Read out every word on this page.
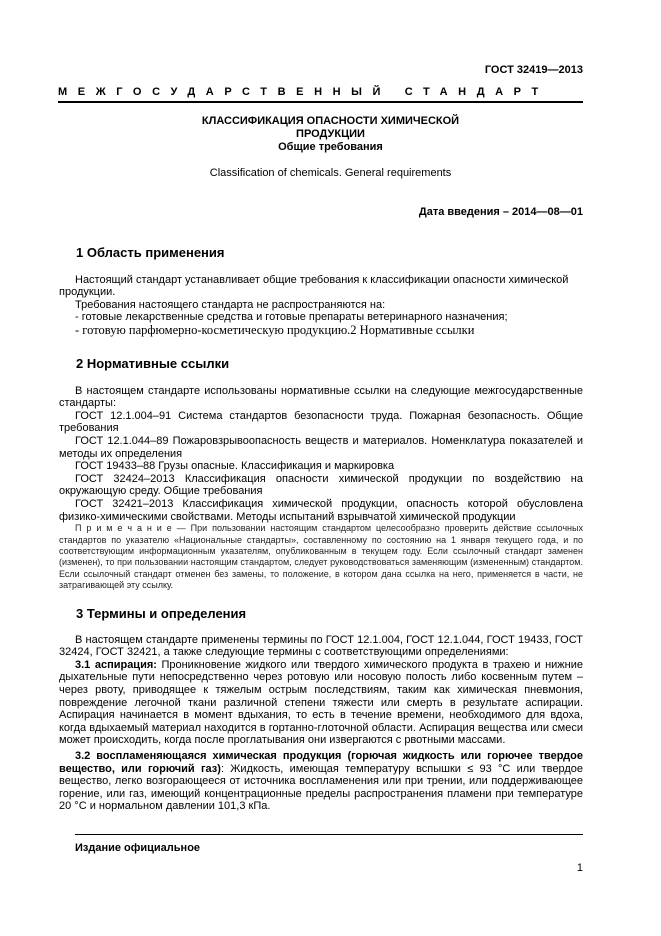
ГОСТ 32419—2013
МЕЖГОСУДАРСТВЕННЫЙ СТАНДАРТ
КЛАССИФИКАЦИЯ ОПАСНОСТИ ХИМИЧЕСКОЙ
ПРОДУКЦИИ
Общие требования
Classification of chemicals. General requirements
Дата введения – 2014—08—01
1 Область применения

Настоящий стандарт устанавливает общие требования к классификации опасности химической продукции.

Требования настоящего стандарта не распространяются на:

- готовые лекарственные средства и готовые препараты ветеринарного назначения;

- готовую парфюмерно-косметическую продукцию.2 Нормативные ссылки

2 Нормативные ссылки

В настоящем стандарте использованы нормативные ссылки на следующие межгосударственные стандарты:

ГОСТ 12.1.004–91 Система стандартов безопасности труда. Пожарная безопасность. Общие требования

ГОСТ 12.1.044–89 Пожаровзрывоопасность веществ и материалов. Номенклатура показателей и методы их определения

ГОСТ 19433–88 Грузы опасные. Классификация и маркировка

ГОСТ 32424–2013 Классификация опасности химической продукции по воздействию на окружающую среду. Общие требования

ГОСТ 32421–2013 Классификация химической продукции, опасность которой обусловлена физико-химическими свойствами. Методы испытаний взрывчатой химической продукции

П р и м е ч а н и е — При пользовании настоящим стандартом целесообразно проверить действие ссылочных стандартов по указателю «Национальные стандарты», составленному по состоянию на 1 января текущего года, и по соответствующим информационным указателям, опубликованным в текущем году. Если ссылочный стандарт заменен (изменен), то при пользовании настоящим стандартом, следует руководствоваться заменяющим (измененным) стандартом. Если ссылочный стандарт отменен без замены, то положение, в котором дана ссылка на него, применяется в части, не затрагивающей эту ссылку.

3 Термины и определения

В настоящем стандарте применены термины по ГОСТ 12.1.004, ГОСТ 12.1.044, ГОСТ 19433, ГОСТ 32424, ГОСТ 32421, а также следующие термины с соответствующими определениями:

3.1 аспирация: Проникновение жидкого или твердого химического продукта в трахею и нижние дыхательные пути непосредственно через ротовую или носовую полость либо косвенным путем – через рвоту, приводящее к тяжелым острым последствиям, таким как химическая пневмония, повреждение легочной ткани различной степени тяжести или смерть в результате аспирации. Аспирация начинается в момент вдыхания, то есть в течение времени, необходимого для вдоха, когда вдыхаемый материал находится в гортанно-глоточной области. Аспирация вещества или смеси может происходить, когда после проглатывания они извергаются с рвотными массами.

3.2 воспламеняющаяся химическая продукция (горючая жидкость или горючее твердое вещество, или горючий газ): Жидкость, имеющая температуру вспышки ≤ 93 °С или твердое вещество, легко возгорающееся от источника воспламенения или при трении, или поддерживающее горение, или газ, имеющий концентрационные пределы распространения пламени при температуре 20 °С и нормальном давлении 101,3 кПа.

Издание официальное
1
